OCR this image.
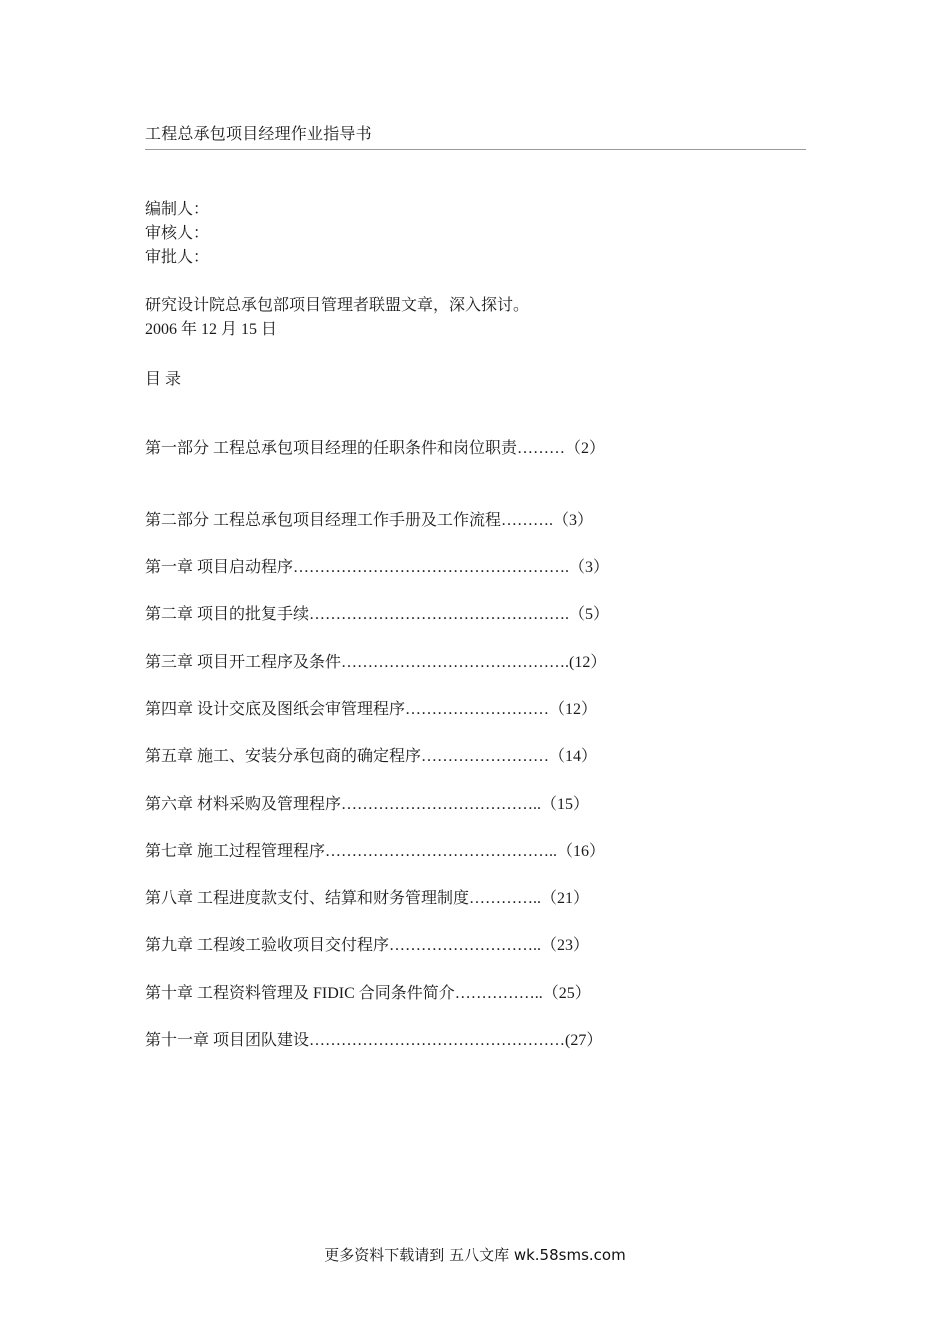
工程总承包项目经理作业指导书
编制人：
审核人：
审批人：
研究设计院总承包部项目管理者联盟文章，深入探讨。
2006 年 12 月 15 日
目 录
第一部分 工程总承包项目经理的任职条件和岗位职责………（2）
第二部分 工程总承包项目经理工作手册及工作流程……….（3）
第一章 项目启动程序…………………………………………….（3）
第二章 项目的批复手续………………………………………….（5）
第三章 项目开工程序及条件…………………………………….(12）
第四章 设计交底及图纸会审管理程序………………………（12）
第五章 施工、安装分承包商的确定程序……………………（14）
第六章 材料采购及管理程序………………………………..（15）
第七章 施工过程管理程序……………………………………..（16）
第八章 工程进度款支付、结算和财务管理制度…………..（21）
第九章 工程竣工验收项目交付程序………………………..（23）
第十章 工程资料管理及 FIDIC 合同条件简介……………..（25）
第十一章 项目团队建设…………………………………………(27）
更多资料下载请到 五八文库 wk.58sms.com
